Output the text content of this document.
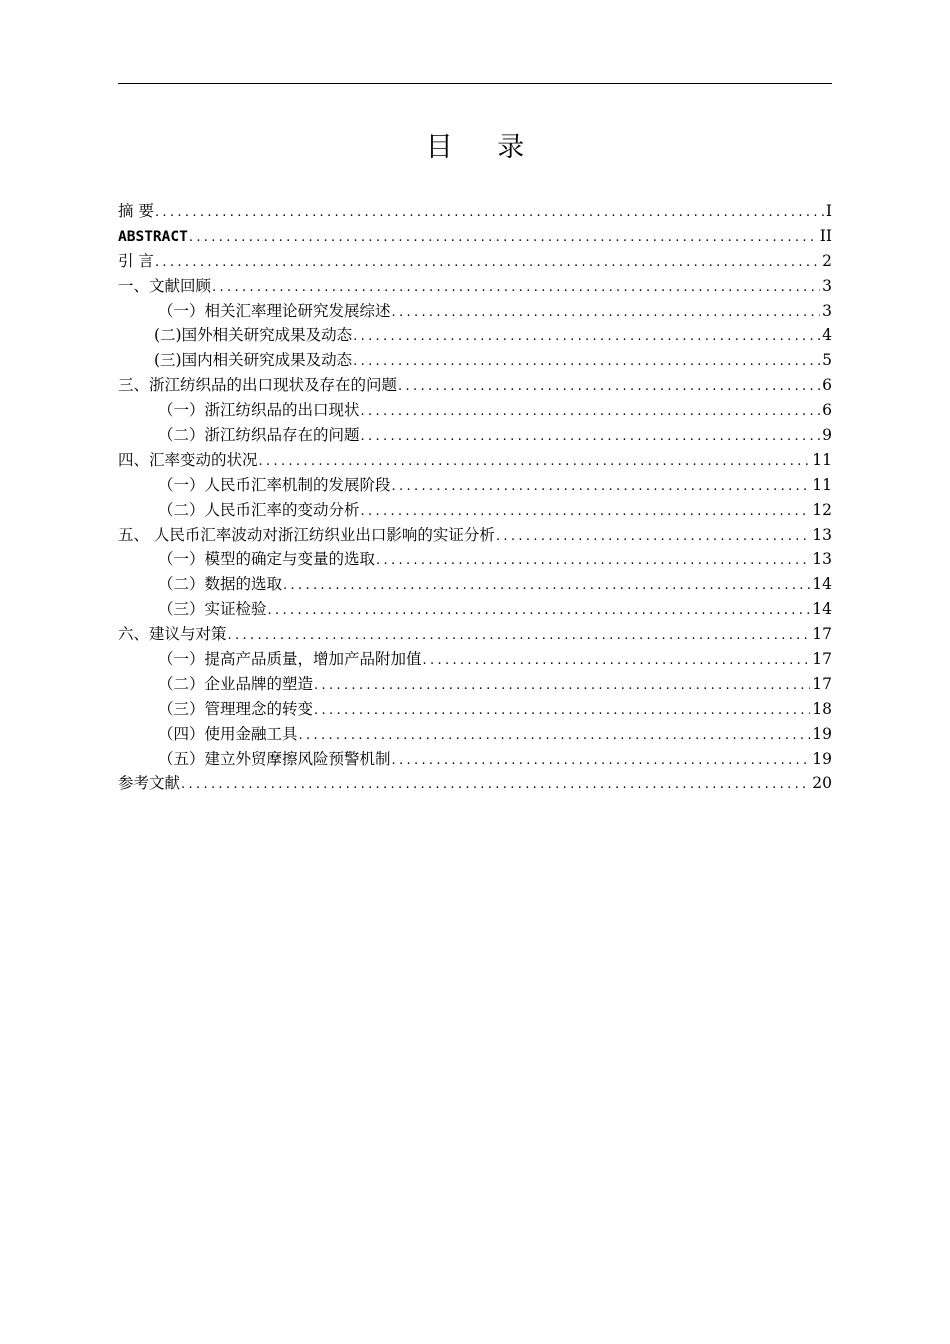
目 录
摘 要 .....	I
ABSTRACT .....	II
引 言 .....	2
一、文献回顾 .....	3
（一）相关汇率理论研究发展综述 .....	3
(二)国外相关研究成果及动态 .....	4
(三)国内相关研究成果及动态 .....	5
三、浙江纺织品的出口现状及存在的问题 .....	6
（一）浙江纺织品的出口现状 .....	6
（二）浙江纺织品存在的问题 .....	9
四、汇率变动的状况 .....	11
（一）人民币汇率机制的发展阶段 .....	11
（二）人民币汇率的变动分析 .....	12
五、 人民币汇率波动对浙江纺织业出口影响的实证分析 .....	13
（一）模型的确定与变量的选取 .....	13
（二）数据的选取 .....	14
（三）实证检验 .....	14
六、建议与对策 .....	17
（一）提高产品质量，增加产品附加值 .....	17
（二）企业品牌的塑造 .....	17
（三）管理理念的转变 .....	18
（四）使用金融工具 .....	19
（五）建立外贸摩擦风险预警机制 .....	19
参考文献 .....	20
